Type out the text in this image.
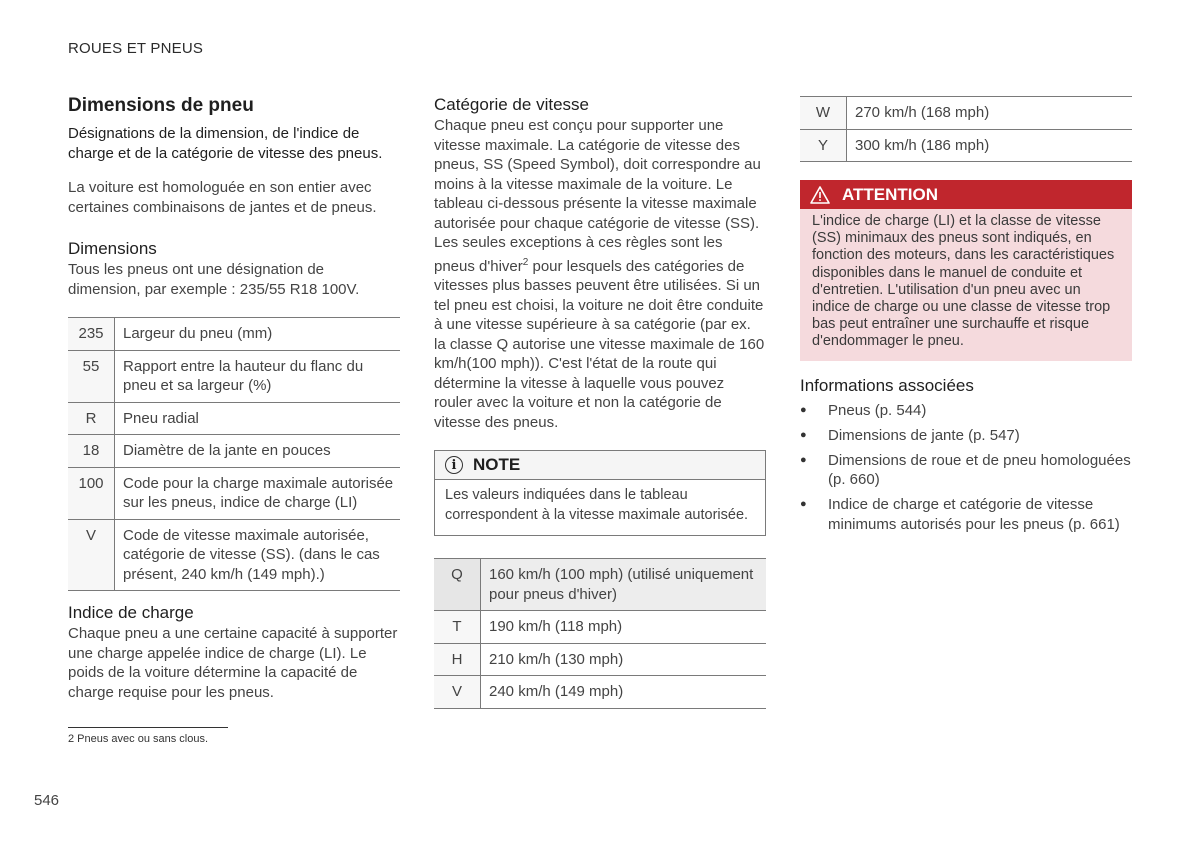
ROUES ET PNEUS
Dimensions de pneu
Désignations de la dimension, de l'indice de charge et de la catégorie de vitesse des pneus.
La voiture est homologuée en son entier avec certaines combinaisons de jantes et de pneus.
Dimensions
Tous les pneus ont une désignation de dimension, par exemple : 235/55 R18 100V.
235	Largeur du pneu (mm)
55	Rapport entre la hauteur du flanc du pneu et sa largeur (%)
R	Pneu radial
18	Diamètre de la jante en pouces
100	Code pour la charge maximale autorisée sur les pneus, indice de charge (LI)
V	Code de vitesse maximale autorisée, catégorie de vitesse (SS). (dans le cas présent, 240 km/h (149 mph).)
Indice de charge
Chaque pneu a une certaine capacité à supporter une charge appelée indice de charge (LI). Le poids de la voiture détermine la capacité de charge requise pour les pneus.
Catégorie de vitesse
Chaque pneu est conçu pour supporter une vitesse maximale. La catégorie de vitesse des pneus, SS (Speed Symbol), doit correspondre au moins à la vitesse maximale de la voiture. Le tableau ci-dessous présente la vitesse maximale autorisée pour chaque catégorie de vitesse (SS). Les seules exceptions à ces règles sont les pneus d'hiver$^2$ pour lesquels des catégories de vitesses plus basses peuvent être utilisées. Si un tel pneu est choisi, la voiture ne doit être conduite à une vitesse supérieure à sa catégorie (par ex. la classe Q autorise une vitesse maximale de 160 km/h(100 mph)). C'est l'état de la route qui détermine la vitesse à laquelle vous pouvez rouler avec la voiture et non la catégorie de vitesse des pneus.
i NOTE
Les valeurs indiquées dans le tableau correspondent à la vitesse maximale autorisée.
Q	160 km/h (100 mph) (utilisé uniquement pour pneus d'hiver)
T	190 km/h (118 mph)
H	210 km/h (130 mph)
V	240 km/h (149 mph)
W	270 km/h (168 mph)
Y	300 km/h (186 mph)
ATTENTION
L'indice de charge (LI) et la classe de vitesse (SS) minimaux des pneus sont indiqués, en fonction des moteurs, dans les caractéristiques disponibles dans le manuel de conduite et d'entretien. L'utilisation d'un pneu avec un indice de charge ou une classe de vitesse trop bas peut entraîner une surchauffe et risque d'endommager le pneu.
Informations associées
● Pneus (p. 544)
● Dimensions de jante (p. 547)
● Dimensions de roue et de pneu homologuées (p. 660)
● Indice de charge et catégorie de vitesse minimums autorisés pour les pneus (p. 661)
2 Pneus avec ou sans clous.
546
